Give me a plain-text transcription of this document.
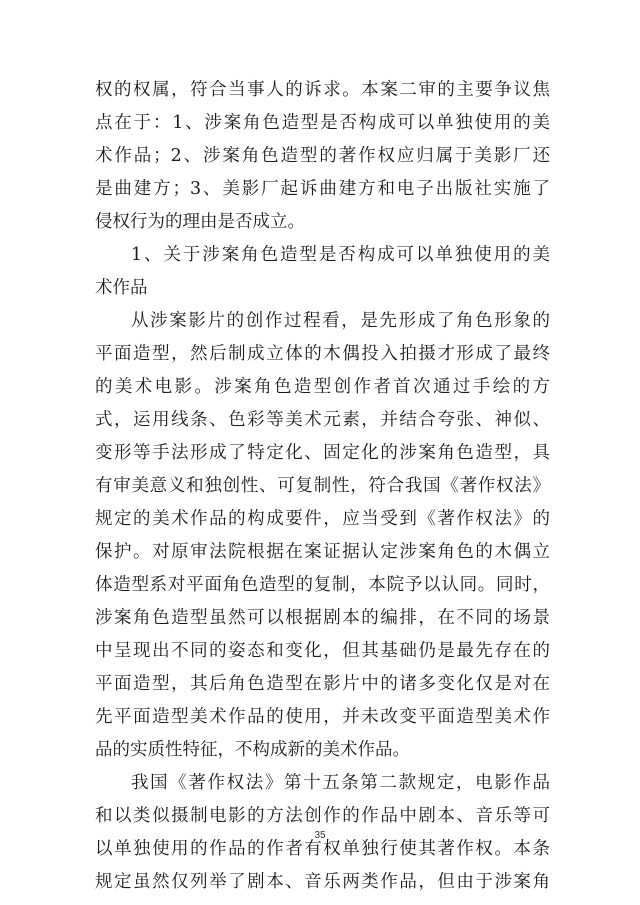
权的权属，符合当事人的诉求。本案二审的主要争议焦
点在于：1、涉案角色造型是否构成可以单独使用的美
术作品；2、涉案角色造型的著作权应归属于美影厂还
是曲建方；3、美影厂起诉曲建方和电子出版社实施了
侵权行为的理由是否成立。
1、关于涉案角色造型是否构成可以单独使用的美
术作品
从涉案影片的创作过程看，是先形成了角色形象的
平面造型，然后制成立体的木偶投入拍摄才形成了最终
的美术电影。涉案角色造型创作者首次通过手绘的方
式，运用线条、色彩等美术元素，并结合夸张、神似、
变形等手法形成了特定化、固定化的涉案角色造型，具
有审美意义和独创性、可复制性，符合我国《著作权法》
规定的美术作品的构成要件，应当受到《著作权法》的
保护。对原审法院根据在案证据认定涉案角色的木偶立
体造型系对平面角色造型的复制，本院予以认同。同时，
涉案角色造型虽然可以根据剧本的编排，在不同的场景
中呈现出不同的姿态和变化，但其基础仍是最先存在的
平面造型，其后角色造型在影片中的诸多变化仅是对在
先平面造型美术作品的使用，并未改变平面造型美术作
品的实质性特征，不构成新的美术作品。
我国《著作权法》第十五条第二款规定，电影作品
和以类似摄制电影的方法创作的作品中剧本、音乐等可
以单独使用的作品的作者有权单独行使其著作权。本条
规定虽然仅列举了剧本、音乐两类作品，但由于涉案角
35
